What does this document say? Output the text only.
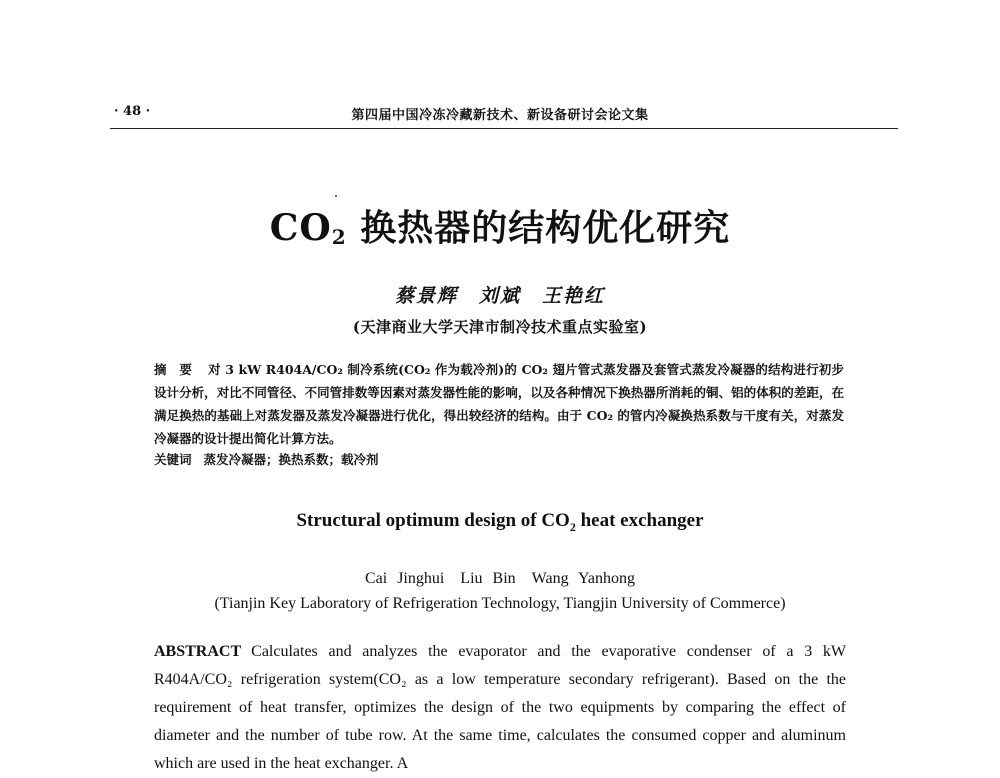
· 48 ·	第四届中国冷冻冷藏新技术、新设备研讨会论文集
$CO_2$ 换热器的结构优化研究
蔡景辉　刘斌　王艳红
(天津商业大学天津市制冷技术重点实验室)
摘　要 对 3 kW R404A/CO₂ 制冷系统(CO₂ 作为载冷剂)的 CO₂ 翅片管式蒸发器及套管式蒸发冷凝器的结构进行初步设计分析，对比不同管径、不同管排数等因素对蒸发器性能的影响，以及各种情况下换热器所消耗的铜、铝的体积的差距，在满足换热的基础上对蒸发器及蒸发冷凝器进行优化，得出较经济的结构。由于 CO₂ 的管内冷凝换热系数与干度有关，对蒸发冷凝器的设计提出简化计算方法。
关键词 蒸发冷凝器；换热系数；载冷剂
Structural optimum design of $CO_2$ heat exchanger
Cai Jinghui　Liu Bin　Wang Yanhong
(Tianjin Key Laboratory of Refrigeration Technology, Tiangjin University of Commerce)
ABSTRACT Calculates and analyzes the evaporator and the evaporative condenser of a 3 kW R404A/CO₂ refrigeration system(CO₂ as a low temperature secondary refrigerant). Based on the the requirement of heat transfer, optimizes the design of the two equipments by comparing the effect of diameter and the number of tube row. At the same time, calculates the consumed copper and aluminum which are used in the heat exchanger. A
